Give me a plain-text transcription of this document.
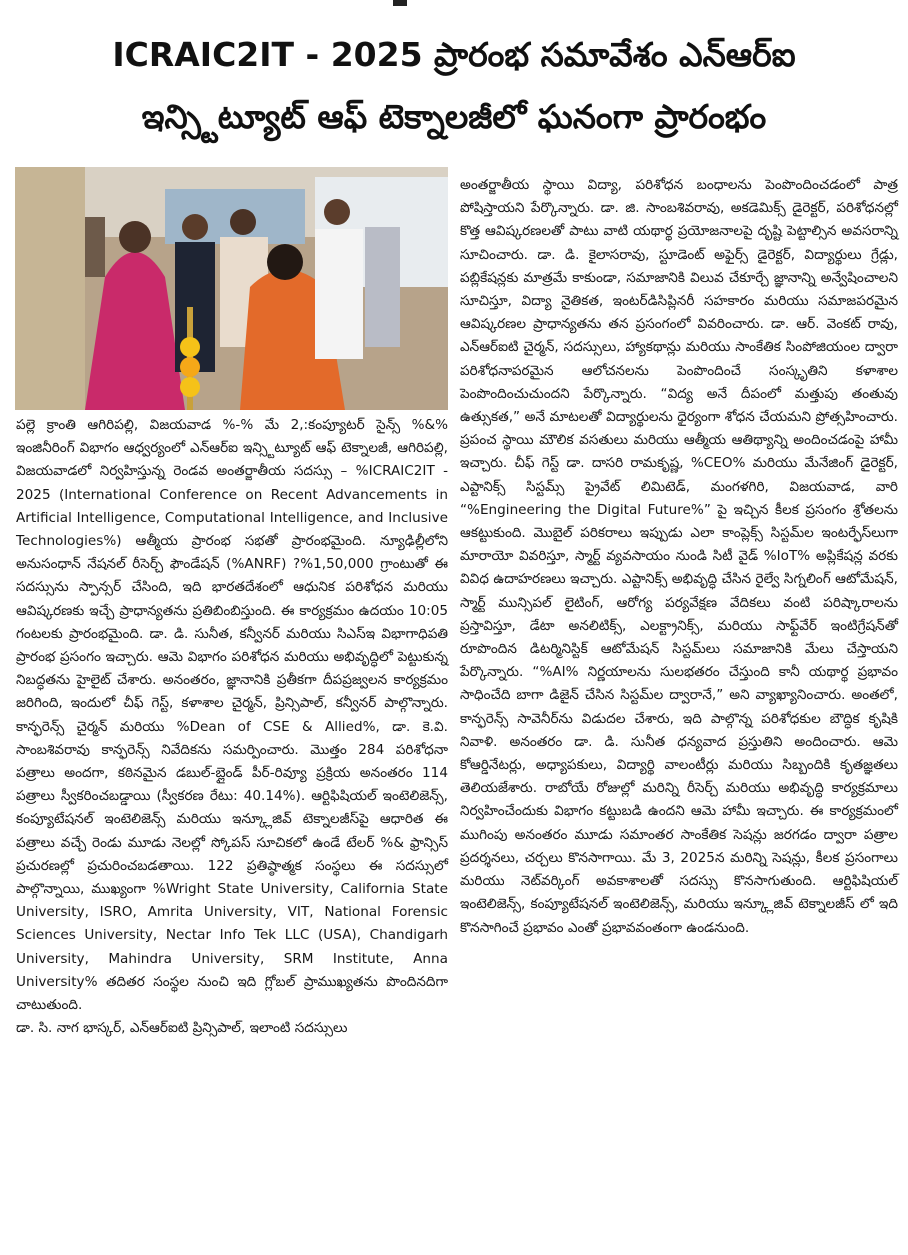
ICRAIC2IT - 2025 ప్రారంభ సమావేశం ఎన్ఆర్ఐ
ఇన్స్టిట్యూట్ ఆఫ్ టెక్నాలజీలో ఘనంగా ప్రారంభం

పల్లె క్రాంతి ఆగిరిపల్లి, విజయవాడ %-% మే 2,:కంప్యూటర్ సైన్స్ %&% ఇంజినీరింగ్ విభాగం ఆధ్వర్యంలో ఎన్ఆర్ఐ ఇన్స్టిట్యూట్ ఆఫ్ టెక్నాలజీ, ఆగిరిపల్లి, విజయవాడలో నిర్వహిస్తున్న రెండవ అంతర్జాతీయ సదస్సు – %ICRAIC2IT - 2025 (International Conference on Recent Advancements in Artificial Intelligence, Computational Intelligence, and Inclusive Technologies%) ఆత్మీయ ప్రారంభ సభతో ప్రారంభమైంది. న్యూఢిల్లీలోని అనుసంధాన్ నేషనల్ రీసెర్చ్ ఫౌండేషన్ (%ANRF) ?%1,50,000 గ్రాంటుతో ఈ సదస్సును స్పాన్సర్ చేసింది, ఇది భారతదేశంలో ఆధునిక పరిశోధన మరియు ఆవిష్కరణకు ఇచ్చే ప్రాధాన్యతను ప్రతిబింబిస్తుంది. ఈ కార్యక్రమం ఉదయం 10:05 గంటలకు ప్రారంభమైంది. డా. డి. సునీత, కన్వీనర్ మరియు సిఎస్ఇ విభాగాధిపతి ప్రారంభ ప్రసంగం ఇచ్చారు. ఆమె విభాగం పరిశోధన మరియు అభివృద్ధిలో పెట్టుకున్న నిబద్ధతను హైలైట్ చేశారు. అనంతరం, జ్ఞానానికి ప్రతీకగా దీపప్రజ్వలన కార్యక్రమం జరిగింది, ఇందులో చీఫ్ గెస్ట్, కళాశాల చైర్మన్, ప్రిన్సిపాల్, కన్వీనర్ పాల్గొన్నారు. కాన్ఫరెన్స్ చైర్మన్ మరియు %Dean of CSE & Allied%, డా. కె.వి. సాంబశివరావు కాన్ఫరెన్స్ నివేదికను సమర్పించారు. మొత్తం 284 పరిశోధనా పత్రాలు అందగా, కఠినమైన డబుల్-బ్లైండ్ పీర్-రివ్యూ ప్రక్రియ అనంతరం 114 పత్రాలు స్వీకరించబడ్డాయి (స్వీకరణ రేటు: 40.14%). ఆర్టిఫిషియల్ ఇంటెలిజెన్స్, కంప్యూటేషనల్ ఇంటెలిజెన్స్ మరియు ఇన్క్లూజివ్ టెక్నాలజీస్‌పై ఆధారిత ఈ పత్రాలు వచ్చే రెండు మూడు నెలల్లో స్కోపస్ సూచికలో ఉండే టేలర్ %& ఫ్రాన్సిస్ ప్రచురణల్లో ప్రచురించబడతాయి. 122 ప్రతిష్ఠాత్మక సంస్థలు ఈ సదస్సులో పాల్గొన్నాయి, ముఖ్యంగా %Wright State University, California State University, ISRO, Amrita University, VIT, National Forensic Sciences University, Nectar Info Tek LLC (USA), Chandigarh University, Mahindra University, SRM Institute, Anna University% తదితర సంస్థల నుంచి ఇది గ్లోబల్ ప్రాముఖ్యతను పొందినదిగా చాటుతుంది.

డా. సి. నాగ భాస్కర్, ఎన్ఆర్ఐటి ప్రిన్సిపాల్, ఇలాంటి సదస్సులు

అంతర్జాతీయ స్థాయి విద్యా, పరిశోధన బంధాలను పెంపొందించడంలో పాత్ర పోషిస్తాయని పేర్కొన్నారు. డా. జి. సాంబశివరావు, అకడెమిక్స్ డైరెక్టర్, పరిశోధనల్లో కొత్త ఆవిష్కరణలతో పాటు వాటి యథార్థ ప్రయోజనాలపై దృష్టి పెట్టాల్సిన అవసరాన్ని సూచించారు. డా. డి. కైలాసరావు, స్టూడెంట్ అఫైర్స్ డైరెక్టర్, విద్యార్థులు గ్రేడ్లు, పబ్లికేషన్లకు మాత్రమే కాకుండా, సమాజానికి విలువ చేకూర్చే జ్ఞానాన్ని అన్వేషించాలని సూచిస్తూ, విద్యా నైతికత, ఇంటర్‌డిసిప్లినరీ సహకారం మరియు సమాజపరమైన ఆవిష్కరణల ప్రాధాన్యతను తన ప్రసంగంలో వివరించారు. డా. ఆర్. వెంకట్ రావు, ఎన్ఆర్ఐటి చైర్మన్, సదస్సులు, హ్యాకథాన్లు మరియు సాంకేతిక సింపోజియంల ద్వారా పరిశోధనాపరమైన ఆలోచనలను పెంపొందించే సంస్కృతిని కళాశాల పెంపొందించుచుందని పేర్కొన్నారు. “విద్య అనే దీపంలో మత్తుపు తంతువు ఉత్సుకత,” అనే మాటలతో విద్యార్థులను ధైర్యంగా శోధన చేయమని ప్రోత్సహించారు. ప్రపంచ స్థాయి మౌలిక వసతులు మరియు ఆత్మీయ ఆతిథ్యాన్ని అందించడంపై హామీ ఇచ్చారు. చీఫ్ గెస్ట్ డా. దాసరి రామకృష్ణ, %CEO% మరియు మేనేజింగ్ డైరెక్టర్, ఎప్టానిక్స్ సిస్టమ్స్ ప్రైవేట్ లిమిటెడ్, మంగళగిరి, విజయవాడ, వారి “%Engineering the Digital Future%” పై ఇచ్చిన కీలక ప్రసంగం శ్రోతలను ఆకట్టుకుంది. మొబైల్ పరికరాలు ఇప్పుడు ఎలా కాంప్లెక్స్ సిస్టమ్‌ల ఇంటర్ఫేస్‌లుగా మారాయో వివరిస్తూ, స్మార్ట్ వ్యవసాయం నుండి సిటీ వైడ్ %IoT% అప్లికేషన్ల వరకు వివిధ ఉదాహరణలు ఇచ్చారు. ఎప్టానిక్స్ అభివృద్ధి చేసిన రైల్వే సిగ్నలింగ్ ఆటోమేషన్, స్మార్ట్ మున్సిపల్ లైటింగ్, ఆరోగ్య పర్యవేక్షణ వేదికలు వంటి పరిష్కారాలను ప్రస్తావిస్తూ, డేటా అనలిటిక్స్, ఎలక్ట్రానిక్స్, మరియు సాఫ్ట్‌వేర్ ఇంటిగ్రేషన్‌తో రూపొందిన డిటర్మినిస్టిక్ ఆటోమేషన్ సిస్టమ్‌లు సమాజానికి మేలు చేస్తాయని పేర్కొన్నారు. “%AI% నిర్ణయాలను సులభతరం చేస్తుంది కానీ యథార్థ ప్రభావం సాధించేది బాగా డిజైన్ చేసిన సిస్టమ్‌ల ద్వారానే,” అని వ్యాఖ్యానించారు. అంతలో, కాన్ఫరెన్స్ సావెనీర్‌ను విడుదల చేశారు, ఇది పాల్గొన్న పరిశోధకుల బౌద్ధిక కృషికి నివాళి. అనంతరం డా. డి. సునీత ధన్యవాద ప్రస్తుతిని అందించారు. ఆమె కోఆర్డినేటర్లు, అధ్యాపకులు, విద్యార్థి వాలంటీర్లు మరియు సిబ్బందికి కృతజ్ఞతలు తెలియజేశారు. రాబోయే రోజుల్లో మరిన్ని రీసెర్చ్ మరియు అభివృద్ధి కార్యక్రమాలు నిర్వహించేందుకు విభాగం కట్టుబడి ఉందని ఆమె హామీ ఇచ్చారు. ఈ కార్యక్రమంలో ముగింపు అనంతరం మూడు సమాంతర సాంకేతిక సెషన్లు జరగడం ద్వారా పత్రాల ప్రదర్శనలు, చర్చలు కొనసాగాయి. మే 3, 2025న మరిన్ని సెషన్లు, కీలక ప్రసంగాలు మరియు నెట్‌వర్కింగ్ అవకాశాలతో సదస్సు కొనసాగుతుంది. ఆర్టిఫిషియల్ ఇంటెలిజెన్స్, కంప్యూటేషనల్ ఇంటెలిజెన్స్, మరియు ఇన్క్లూజివ్ టెక్నాలజీస్ లో ఇది కొనసాగించే ప్రభావం ఎంతో ప్రభావవంతంగా ఉండనుంది.
